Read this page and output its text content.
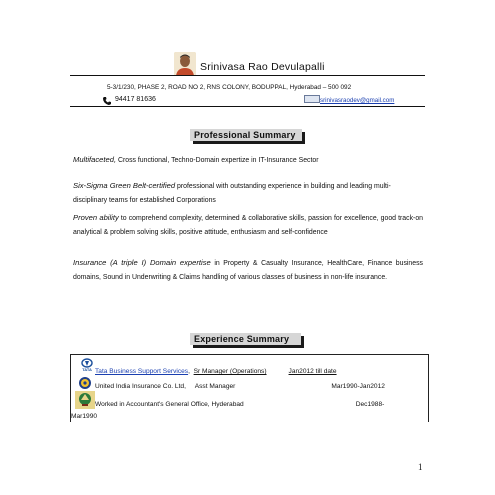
Srinivasa Rao Devulapalli
5-3/1/230, PHASE 2, ROAD NO 2, RNS COLONY, BODUPPAL, Hyderabad – 500 092
94417 81636	srinivasraodev@gmail.com
Professional Summary
Multifaceted, Cross functional, Techno-Domain expertize in IT-Insurance Sector
Six-Sigma Green Belt-certified professional with outstanding experience in building and leading multi-disciplinary teams for established Corporations
Proven ability to comprehend complexity, determined & collaborative skills, passion for excellence, good track-on analytical & problem solving skills, positive attitude, enthusiasm and self-confidence
Insurance (A triple I) Domain expertise in Property & Casualty Insurance, HealthCare, Finance business domains, Sound in Underwriting & Claims handling of various classes of business in non-life insurance.
Experience Summary
TATA Tata Business Support Services,  Sr Manager (Operations)	Jan2012 till date
United India Insurance Co. Ltd, Asst Manager	Mar1990-Jan2012
Worked in Accountant's General Office, Hyderabad	Dec1988-
Mar1990
1
